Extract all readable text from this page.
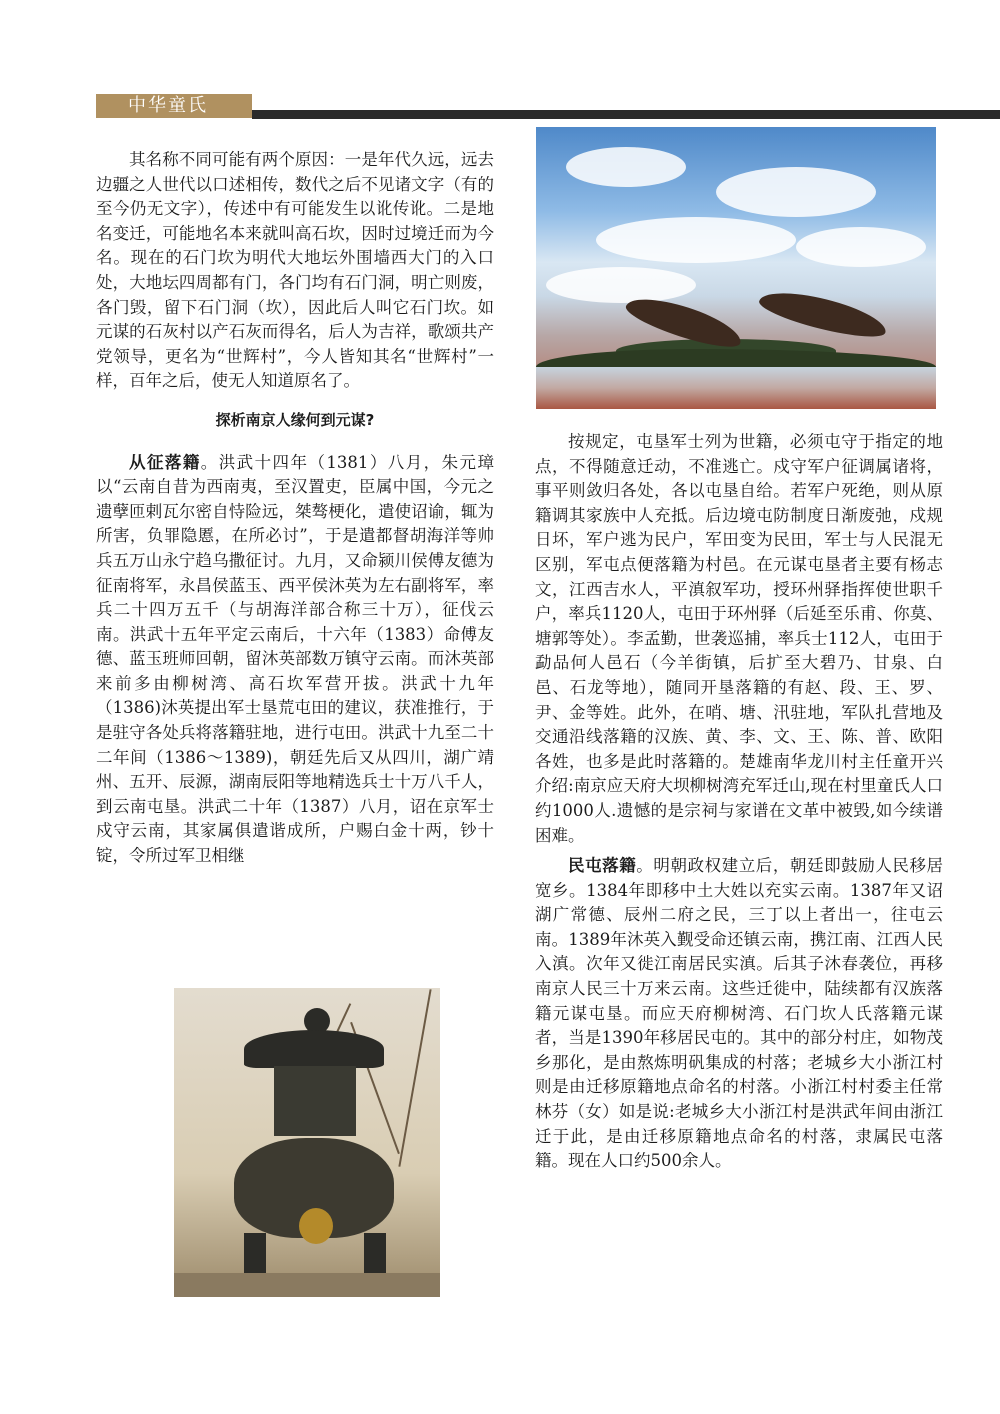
中华童氏

其名称不同可能有两个原因：一是年代久远，远去边疆之人世代以口述相传，数代之后不见诸文字（有的至今仍无文字），传述中有可能发生以讹传讹。二是地名变迁，可能地名本来就叫高石坎，因时过境迁而为今名。现在的石门坎为明代大地坛外围墙西大门的入口处，大地坛四周都有门，各门均有石门洞，明亡则废，各门毁，留下石门洞（坎），因此后人叫它石门坎。如元谋的石灰村以产石灰而得名，后人为吉祥，歌颂共产党领导，更名为“世辉村”，今人皆知其名“世辉村”一样，百年之后，使无人知道原名了。

探析南京人缘何到元谋?

从征落籍。洪武十四年（1381）八月，朱元璋以“云南自昔为西南夷，至汉置吏，臣属中国，今元之遗孽匝剌瓦尔密自恃险远，桀骜梗化，遣使诏谕，辄为所害，负罪隐慝，在所必讨”，于是遣都督胡海洋等帅兵五万山永宁趋乌撒征讨。九月，又命颍川侯傅友德为征南将军，永昌侯蓝玉、西平侯沐英为左右副将军，率兵二十四万五千（与胡海洋部合称三十万），征伐云南。洪武十五年平定云南后，十六年（1383）命傅友德、蓝玉班师回朝，留沐英部数万镇守云南。而沐英部来前多由柳树湾、高石坎军营开拔。洪武十九年（1386)沐英提出军士垦荒屯田的建议，获准推行，于是驻守各处兵将落籍驻地，进行屯田。洪武十九至二十二年间（1386～1389)，朝廷先后又从四川，湖广靖州、五开、辰源，湖南辰阳等地精选兵士十万八千人，到云南屯垦。洪武二十年（1387）八月，诏在京军士戍守云南，其家属俱遣谐成所，户赐白金十两，钞十锭，令所过军卫相继

按规定，屯垦军士列为世籍，必须屯守于指定的地点，不得随意迁动，不准逃亡。戍守军户征调属诸将，事平则敛归各处，各以屯垦自给。若军户死绝，则从原籍调其家族中人充抵。后边境屯防制度日渐废弛，戍规日坏，军户逃为民户，军田变为民田，军士与人民混无区别，军屯点便落籍为村邑。在元谋屯垦者主要有杨志文，江西吉水人，平滇叙军功，授环州驿指挥使世职千户，率兵1120人，屯田于环州驿（后延至乐甫、你莫、塘郭等处）。李孟勤，世袭巡捕，率兵士112人，屯田于勐品何人邑石（今羊街镇，后扩至大碧乃、甘泉、白邑、石龙等地），随同开垦落籍的有赵、段、王、罗、尹、金等姓。此外，在哨、塘、汛驻地，军队扎营地及交通沿线落籍的汉族、黄、李、文、王、陈、普、欧阳各姓，也多是此时落籍的。楚雄南华龙川村主任童开兴介绍:南京应天府大坝柳树湾充军迁山,现在村里童氏人口约1000人.遗憾的是宗祠与家谱在文革中被毁,如今续谱困难。

民屯落籍。明朝政权建立后，朝廷即鼓励人民移居宽乡。1384年即移中土大姓以充实云南。1387年又诏湖广常德、辰州二府之民，三丁以上者出一，往屯云南。1389年沐英入觐受命还镇云南，携江南、江西人民入滇。次年又徙江南居民实滇。后其子沐春袭位，再移南京人民三十万来云南。这些迁徙中，陆续都有汉族落籍元谋屯垦。而应天府柳树湾、石门坎人氏落籍元谋者，当是1390年移居民屯的。其中的部分村庄，如物茂乡那化，是由熬炼明矾集成的村落；老城乡大小浙江村则是由迁移原籍地点命名的村落。小浙江村村委主任常林芬（女）如是说:老城乡大小浙江村是洪武年间由浙江迁于此，是由迁移原籍地点命名的村落，隶属民屯落籍。现在人口约500余人。
